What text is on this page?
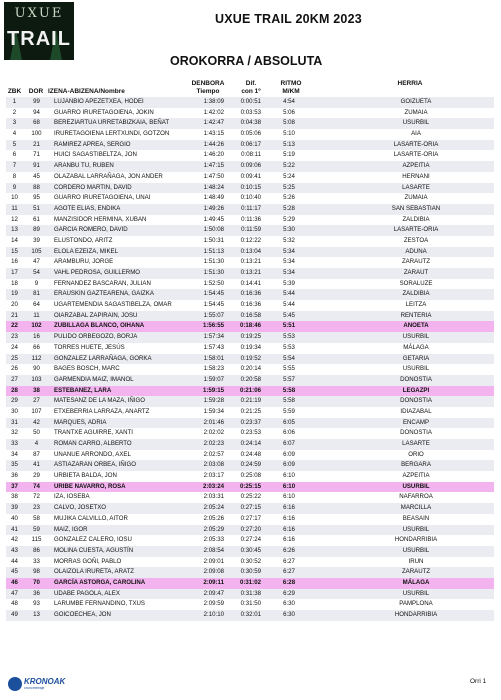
UXUE
TRAIL
UXUE TRAIL 20KM 2023
OROKORRA / ABSOLUTA
ZBK	DOR IZENA-ABIZENA/Nombre
DENBORA
Tiempo
Dif.
con 1º
RITMO
M/KM
HERRIA
1	99	LUJANBIO APEZETXEA, HODEI	1:38:09	0:00:51	4:54	GOIZUETA
2	94	GUARRO IRURETAGOIENA, JOKIN	1:42:02	0:03:53	5:06	ZUMAIA
3	68	BEREZIARTUA URRETABIZKAIA, BEÑAT	1:42:47	0:04:38	5:08	USURBIL
4	100	IRURETAGOIENA LERTXUNDI, GOTZON	1:43:15	0:05:06	5:10	AIA
5	21	RAMIREZ APREA, SERGIO	1:44:26	0:06:17	5:13	LASARTE-ORIA
6	71	HUICI SAGASTIBELTZA, JON	1:46:20	0:08:11	5:19	LASARTE-ORIA
7	91	ARANBU TU, RUBEN	1:47:15	0:09:06	5:22	AZPEITIA
8	45	OLAZABAL LARRAÑAGA, JON ANDER	1:47:50	0:09:41	5:24	HERNANI
9	88	CORDERO MARTIN, DAVID	1:48:24	0:10:15	5:25	LASARTE
10	95	GUARRO IRURETAGOIENA, UNAI	1:48:49	0:10:40	5:26	ZUMAIA
11	51	AGOTE ELIAS, ENDIKA	1:49:26	0:11:17	5:28	SAN SEBASTIAN
12	61	MANZISIDOR HERMINA, XUBAN	1:49:45	0:11:36	5:29	ZALDIBIA
13	89	GARCIA ROMERO, DAVID	1:50:08	0:11:59	5:30	LASARTE-ORIA
14	39	ELUSTONDO, ARITZ	1:50:31	0:12:22	5:32	ZESTOA
15	105	ELOLA EZEIZA, MIKEL	1:51:13	0:13:04	5:34	ADUNA
16	47	ARAMBURU, JORGE	1:51:30	0:13:21	5:34	ZARAUTZ
17	54	VAHL PEDROSA, GUILLERMO	1:51:30	0:13:21	5:34	ZARAUT
18	9	FERNANDEZ BASCARAN, JULIAN	1:52:50	0:14:41	5:39	SORALUZE
19	81	ERAUSKIN GAZTEARENA, GAIZKA	1:54:45	0:16:36	5:44	ZALDIBIA
20	64	UGARTEMENDIA SAGASTIBELZA, OMAR	1:54:45	0:16:36	5:44	LEITZA
21	11	OIARZABAL ZAPIRAIN, JOSU	1:55:07	0:16:58	5:45	RENTERIA
22	102	ZUBILLAGA BLANCO, OIHANA	1:56:55	0:18:46	5:51	ANOETA
23	16	PULIDO ORBEGOZO, BORJA	1:57:34	0:19:25	5:53	USURBIL
24	66	TORRES HUETE, JESÚS	1:57:43	0:19:34	5:53	MÁLAGA
25	112	GONZALEZ LARRAÑAGA, GORKA	1:58:01	0:19:52	5:54	GETARIA
26	90	BAGES BOSCH, MARC	1:58:23	0:20:14	5:55	USURBIL
27	103	GARMENDIA MAIZ, IMANOL	1:59:07	0:20:58	5:57	DONOSTIA
28	38	ESTEBANEZ, LARA	1:59:15	0:21:06	5:58	LEGAZPI
29	27	MATESANZ DE LA MAZA, IÑIGO	1:59:28	0:21:19	5:58	DONOSTIA
30	107	ETXEBERRIA LARRAZA, ANARTZ	1:59:34	0:21:25	5:59	IDIAZABAL
31	42	MARQUES, ADRIA	2:01:46	0:23:37	6:05	ENCAMP
32	50	TRANTXE AGUIRRE, XANTI	2:02:02	0:23:53	6:06	DONOSTIA
33	4	ROMAN CARRO, ALBERTO	2:02:23	0:24:14	6:07	LASARTE
34	87	UNANUE ARRONDO, AXEL	2:02:57	0:24:48	6:09	ORIO
35	41	ASTIAZARAN ORBEA, IÑIGO	2:03:08	0:24:59	6:09	BERGARA
36	29	URBIETA BALDA, JON	2:03:17	0:25:08	6:10	AZPEITIA
37	74	URIBE NAVARRO, ROSA	2:03:24	0:25:15	6:10	USURBIL
38	72	IZA, IOSEBA	2:03:31	0:25:22	6:10	NAFARROA
39	23	CALVO, JOSETXO	2:05:24	0:27:15	6:16	MARCILLA
40	58	MUJIKA CALVILLO, AITOR	2:05:26	0:27:17	6:16	BEASAIN
41	59	MAIZ, IGOR	2:05:29	0:27:20	6:16	USURBIL
42	115	GONZALEZ CALERO, IOSU	2:05:33	0:27:24	6:16	HONDARRIBIA
43	86	MOLINA CUESTA, AGUSTÍN	2:08:54	0:30:45	6:26	USURBIL
44	33	MORRAS GOÑI, PABLO	2:09:01	0:30:52	6:27	IRUN
45	98	OLAIZOLA IRURETA, ARATZ	2:09:08	0:30:59	6:27	ZARAUTZ
46	70	GARCÍA ASTORGA, CAROLINA	2:09:11	0:31:02	6:28	MÁLAGA
47	36	UDABE PAGOLA, ALEX	2:09:47	0:31:38	6:29	USURBIL
48	93	LARUMBE FERNANDINO, TXUS	2:09:59	0:31:50	6:30	PAMPLONA
49	13	GOICOECHEA, JON	2:10:10	0:32:01	6:30	HONDARRIBIA
KRONOAK
cronometraje
Orri 1
